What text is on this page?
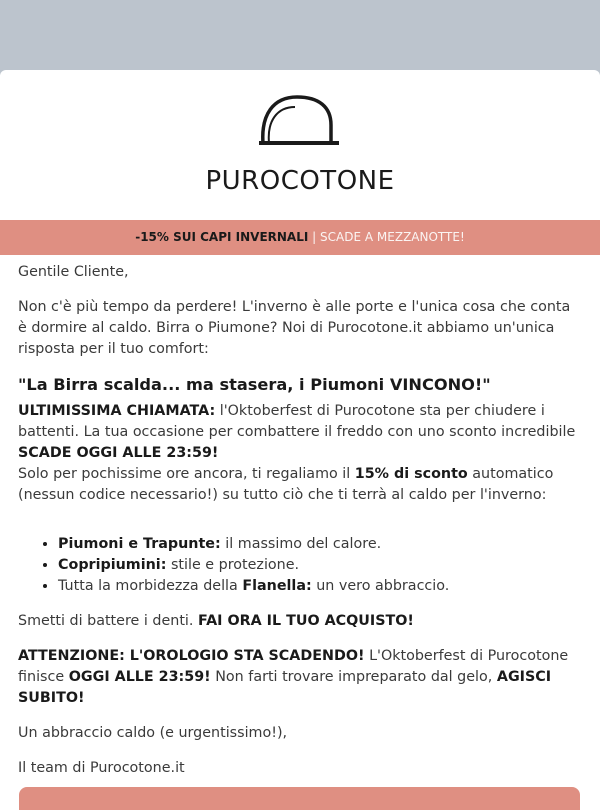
PUROCOTONE
-15% SUI CAPI INVERNALI | SCADE A MEZZANOTTE!

Gentile Cliente,

Non c'è più tempo da perdere! L'inverno è alle porte e l'unica cosa che conta è dormire al caldo. Birra o Piumone? Noi di Purocotone.it abbiamo un'unica risposta per il tuo comfort:

"La Birra scalda... ma stasera, i Piumoni VINCONO!"

ULTIMISSIMA CHIAMATA: l'Oktoberfest di Purocotone sta per chiudere i battenti. La tua occasione per combattere il freddo con uno sconto incredibile SCADE OGGI ALLE 23:59!
Solo per pochissime ore ancora, ti regaliamo il 15% di sconto automatico (nessun codice necessario!) su tutto ciò che ti terrà al caldo per l'inverno:

• Piumoni e Trapunte: il massimo del calore.
• Copripiumini: stile e protezione.
• Tutta la morbidezza della Flanella: un vero abbraccio.

Smetti di battere i denti. FAI ORA IL TUO ACQUISTO!

ATTENZIONE: L'OROLOGIO STA SCADENDO! L'Oktoberfest di Purocotone finisce OGGI ALLE 23:59! Non farti trovare impreparato dal gelo, AGISCI SUBITO!

Un abbraccio caldo (e urgentissimo!),

Il team di Purocotone.it
